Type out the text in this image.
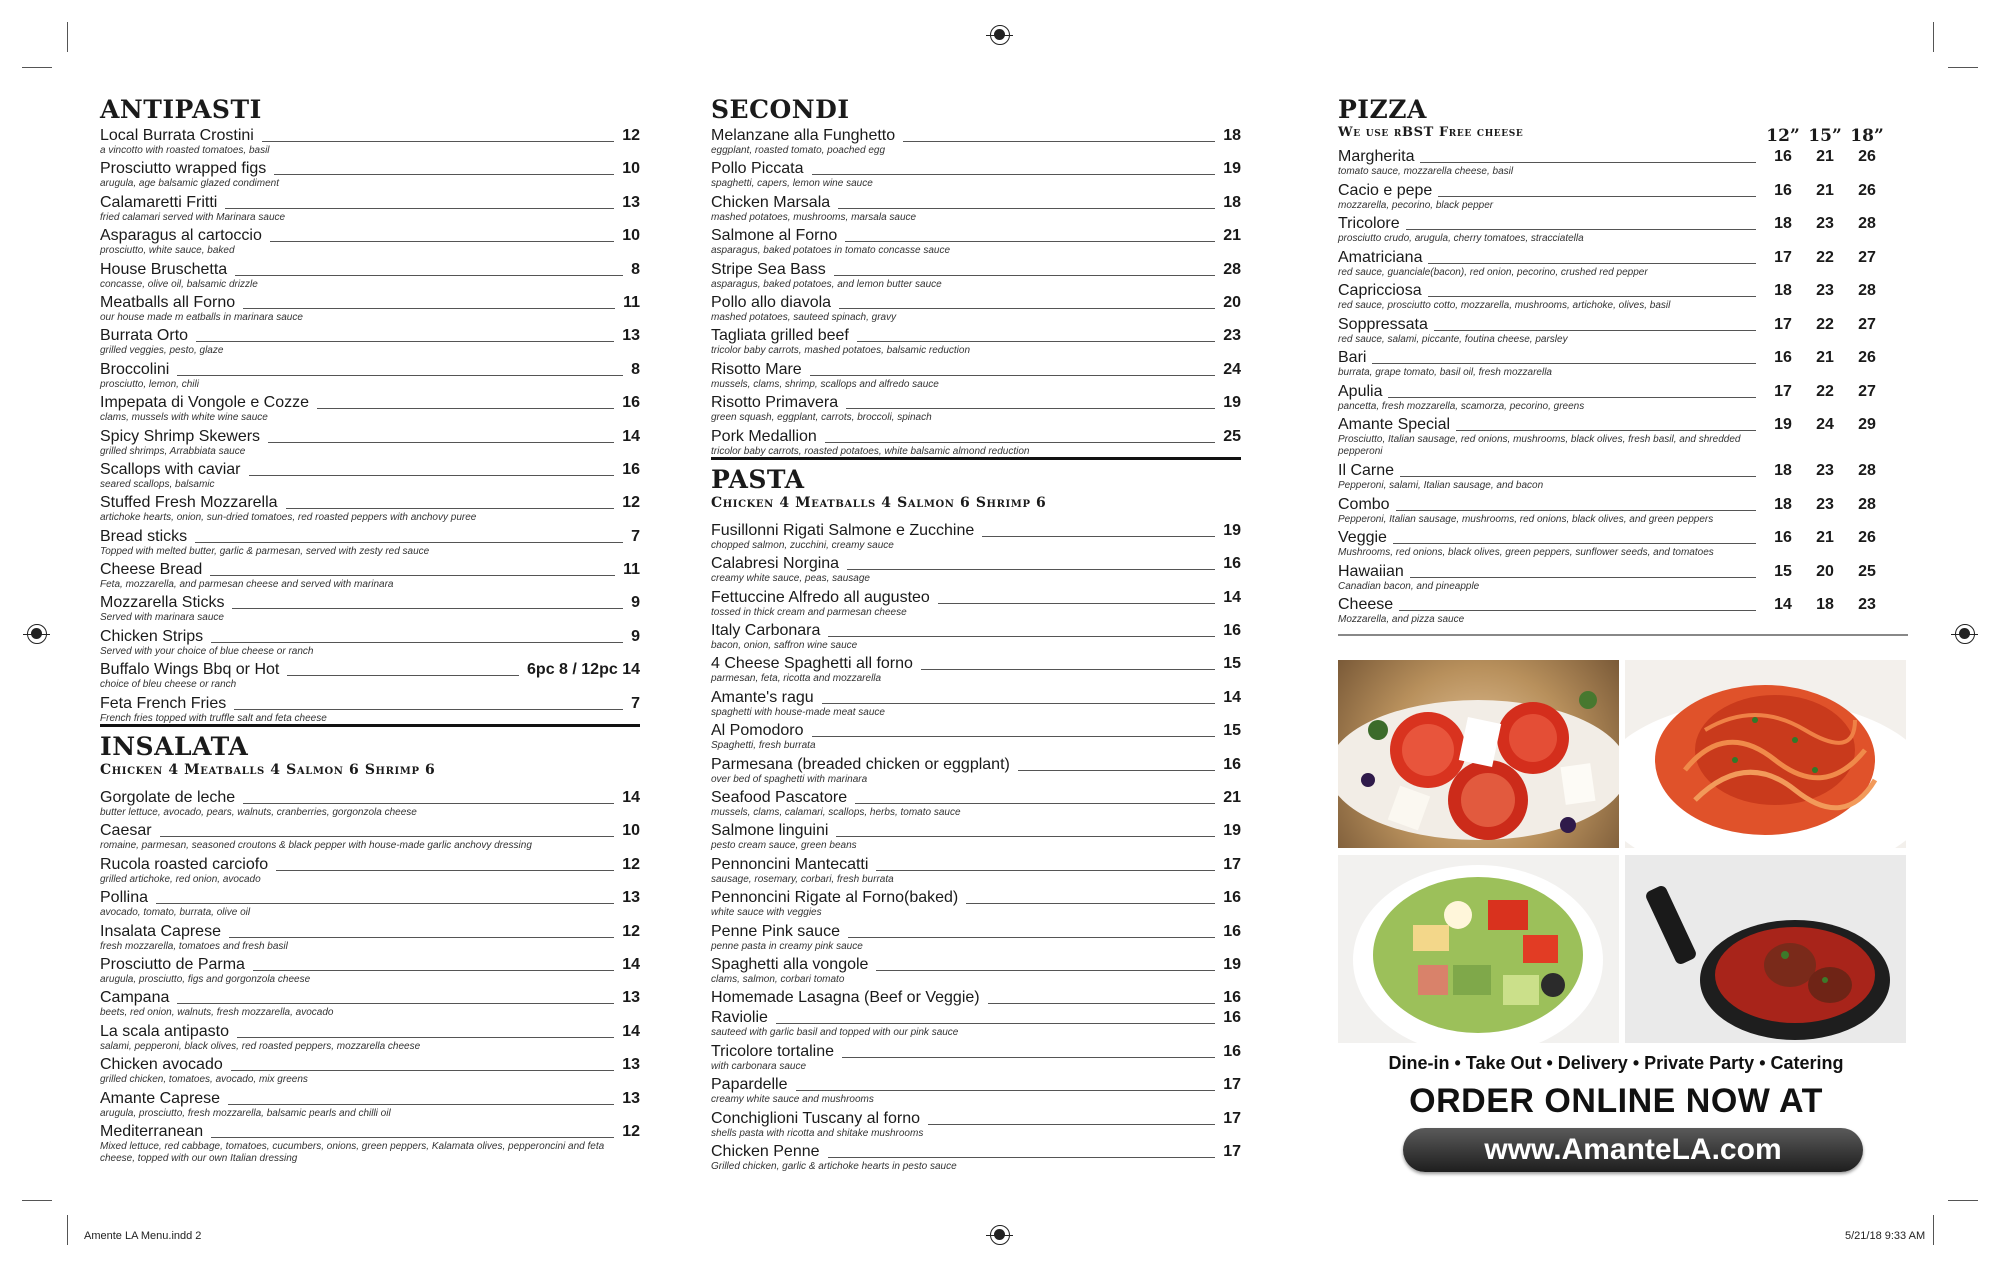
ANTIPASTI
Local Burrata Crostini	12
a vincotto with roasted tomatoes, basil
Prosciutto wrapped figs	10
arugula, age balsamic glazed condiment
Calamaretti Fritti	13
fried calamari served with Marinara sauce
Asparagus al cartoccio	10
prosciutto, white sauce, baked
House Bruschetta	8
concasse, olive oil, balsamic drizzle
Meatballs all Forno	11
our house made m eatballs in marinara sauce
Burrata Orto	13
grilled veggies, pesto, glaze
Broccolini	8
prosciutto, lemon, chili
Impepata di Vongole e Cozze	16
clams, mussels with white wine sauce
Spicy Shrimp Skewers	14
grilled shrimps, Arrabbiata sauce
Scallops with caviar	16
seared scallops, balsamic
Stuffed Fresh Mozzarella	12
artichoke hearts, onion, sun-dried tomatoes, red roasted peppers with anchovy puree
Bread sticks	7
Topped with melted butter, garlic & parmesan, served with zesty red sauce
Cheese Bread	11
Feta, mozzarella, and parmesan cheese and served with marinara
Mozzarella Sticks	9
Served with marinara sauce
Chicken Strips	9
Served with your choice of blue cheese or ranch
Buffalo Wings Bbq or Hot	6pc 8 / 12pc 14
choice of bleu cheese or ranch
Feta French Fries	7
French fries topped with truffle salt and feta cheese
INSALATA
Chicken 4 Meatballs 4 Salmon 6 Shrimp 6
Gorgolate de leche	14
butter lettuce, avocado, pears, walnuts, cranberries, gorgonzola cheese
Caesar	10
romaine, parmesan, seasoned croutons & black pepper with house-made garlic anchovy dressing
Rucola roasted carciofo	12
grilled artichoke, red onion, avocado
Pollina	13
avocado, tomato, burrata, olive oil
Insalata Caprese	12
fresh mozzarella, tomatoes and fresh basil
Prosciutto de Parma	14
arugula, prosciutto, figs and gorgonzola cheese
Campana	13
beets, red onion, walnuts, fresh mozzarella, avocado
La scala antipasto	14
salami, pepperoni, black olives, red roasted peppers, mozzarella cheese
Chicken avocado	13
grilled chicken, tomatoes, avocado, mix greens
Amante Caprese	13
arugula, prosciutto, fresh mozzarella, balsamic pearls and chilli oil
Mediterranean	12
Mixed lettuce, red cabbage, tomatoes, cucumbers, onions, green peppers, Kalamata olives, pepperoncini and feta cheese, topped with our own Italian dressing
SECONDI
Melanzane alla Funghetto	18
eggplant, roasted tomato, poached egg
Pollo Piccata	19
spaghetti, capers, lemon wine sauce
Chicken Marsala	18
mashed potatoes, mushrooms, marsala sauce
Salmone al Forno	21
asparagus, baked potatoes in tomato concasse sauce
Stripe Sea Bass	28
asparagus, baked potatoes, and lemon butter sauce
Pollo allo diavola	20
mashed potatoes, sauteed spinach, gravy
Tagliata grilled beef	23
tricolor baby carrots, mashed potatoes, balsamic reduction
Risotto Mare	24
mussels, clams, shrimp, scallops and alfredo sauce
Risotto Primavera	19
green squash, eggplant, carrots, broccoli, spinach
Pork Medallion	25
tricolor baby carrots, roasted potatoes, white balsamic almond reduction
PASTA
Chicken 4 Meatballs 4 Salmon 6 Shrimp 6
Fusillonni Rigati Salmone e Zucchine	19
chopped salmon, zucchini, creamy sauce
Calabresi Norgina	16
creamy white sauce, peas, sausage
Fettuccine Alfredo all augusteo	14
tossed in thick cream and parmesan cheese
Italy Carbonara	16
bacon, onion, saffron wine sauce
4 Cheese Spaghetti all forno	15
parmesan, feta, ricotta and mozzarella
Amante's ragu	14
spaghetti with house-made meat sauce
Al Pomodoro	15
Spaghetti, fresh burrata
Parmesana (breaded chicken or eggplant)	16
over bed of spaghetti with marinara
Seafood Pascatore	21
mussels, clams, calamari, scallops, herbs, tomato sauce
Salmone linguini	19
pesto cream sauce, green beans
Pennoncini Mantecatti	17
sausage, rosemary, corbari, fresh burrata
Pennoncini Rigate al Forno(baked)	16
white sauce with veggies
Penne Pink sauce	16
penne pasta in creamy pink sauce
Spaghetti alla vongole	19
clams, salmon, corbari tomato
Homemade Lasagna (Beef or Veggie)	16
Raviolie	16
sauteed with garlic basil and topped with our pink sauce
Tricolore tortaline	16
with carbonara sauce
Papardelle	17
creamy white sauce and mushrooms
Conchiglioni Tuscany al forno	17
shells pasta with ricotta and shitake mushrooms
Chicken Penne	17
Grilled chicken, garlic & artichoke hearts in pesto sauce
PIZZA
We use rBST Free cheese	12” 15” 18”
Margherita	16	21	26
tomato sauce, mozzarella cheese, basil
Cacio e pepe	16	21	26
mozzarella, pecorino, black pepper
Tricolore	18	23	28
prosciutto crudo, arugula, cherry tomatoes, stracciatella
Amatriciana	17	22	27
red sauce, guanciale(bacon), red onion, pecorino, crushed red pepper
Capricciosa	18	23	28
red sauce, prosciutto cotto, mozzarella, mushrooms, artichoke, olives, basil
Soppressata	17	22	27
red sauce, salami, piccante, foutina cheese, parsley
Bari	16	21	26
burrata, grape tomato, basil oil, fresh mozzarella
Apulia	17	22	27
pancetta, fresh mozzarella, scamorza, pecorino, greens
Amante Special	19	24	29
Prosciutto, Italian sausage, red onions, mushrooms, black olives, fresh basil, and shredded pepperoni
Il Carne	18	23	28
Pepperoni, salami, Italian sausage, and bacon
Combo	18	23	28
Pepperoni, Italian sausage, mushrooms, red onions, black olives, and green peppers
Veggie	16	21	26
Mushrooms, red onions, black olives, green peppers, sunflower seeds, and tomatoes
Hawaiian	15	20	25
Canadian bacon, and pineapple
Cheese	14	18	23
Mozzarella, and pizza sauce
Dine-in • Take Out • Delivery • Private Party • Catering
ORDER ONLINE NOW AT
www.AmanteLA.com
Amente LA Menu.indd 2	5/21/18 9:33 AM
